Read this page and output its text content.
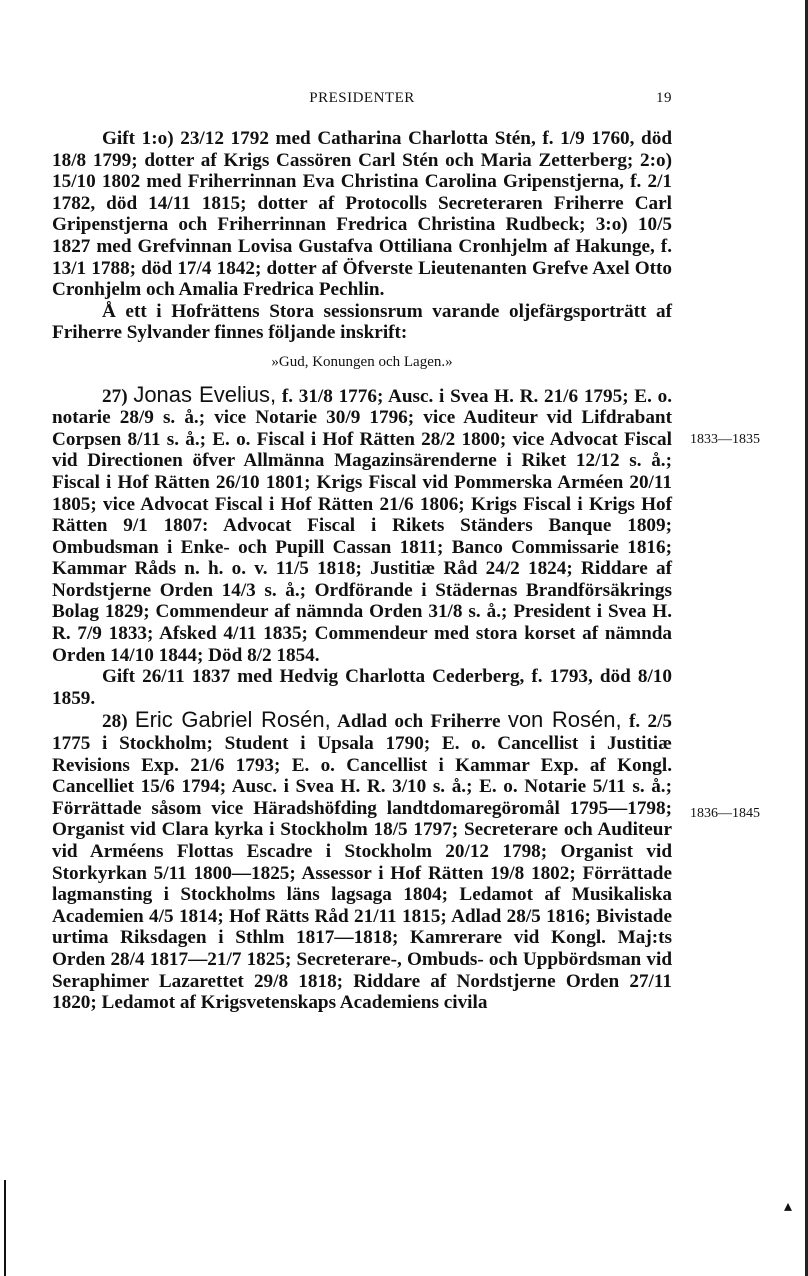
PRESIDENTER	19

Gift 1:o) 23/12 1792 med Catharina Charlotta Stén, f. 1/9 1760, död 18/8 1799; dotter af Krigs Cassören Carl Stén och Maria Zetterberg; 2:o) 15/10 1802 med Friherrinnan Eva Christina Carolina Gripenstjerna, f. 2/1 1782, död 14/11 1815; dotter af Protocolls Secreteraren Friherre Carl Gripenstjerna och Friherrinnan Fredrica Christina Rudbeck; 3:o) 10/5 1827 med Grefvinnan Lovisa Gustafva Ottiliana Cronhjelm af Hakunge, f. 13/1 1788; död 17/4 1842; dotter af Öfverste Lieutenanten Grefve Axel Otto Cronhjelm och Amalia Fredrica Pechlin.

Å ett i Hofrättens Stora sessionsrum varande oljefärgsporträtt af Friherre Sylvander finnes följande inskrift:

»Gud, Konungen och Lagen.»

27) Jonas Evelius, f. 31/8 1776; Ausc. i Svea H. R. 21/6 1795; E. o. notarie 28/9 s. å.; vice Notarie 30/9 1796; vice Auditeur vid Lifdrabant Corpsen 8/11 s. å.; E. o. Fiscal i Hof Rätten 28/2 1800; vice Advocat Fiscal vid Directionen öfver Allmänna Magazinsärenderne i Riket 12/12 s. å.; Fiscal i Hof Rätten 26/10 1801; Krigs Fiscal vid Pommerska Arméen 20/11 1805; vice Advocat Fiscal i Hof Rätten 21/6 1806; Krigs Fiscal i Krigs Hof Rätten 9/1 1807: Advocat Fiscal i Rikets Ständers Banque 1809; Ombudsman i Enke- och Pupill Cassan 1811; Banco Commissarie 1816; Kammar Råds n. h. o. v. 11/5 1818; Justitiæ Råd 24/2 1824; Riddare af Nordstjerne Orden 14/3 s. å.; Ordförande i Städernas Brandförsäkrings Bolag 1829; Commendeur af nämnda Orden 31/8 s. å.; President i Svea H. R. 7/9 1833; Afsked 4/11 1835; Commendeur med stora korset af nämnda Orden 14/10 1844; Död 8/2 1854.

Gift 26/11 1837 med Hedvig Charlotta Cederberg, f. 1793, död 8/10 1859.

28) Eric Gabriel Rosén, Adlad och Friherre von Rosén, f. 2/5 1775 i Stockholm; Student i Upsala 1790; E. o. Cancellist i Justitiæ Revisions Exp. 21/6 1793; E. o. Cancellist i Kammar Exp. af Kongl. Cancelliet 15/6 1794; Ausc. i Svea H. R. 3/10 s. å.; E. o. Notarie 5/11 s. å.; Förrättade såsom vice Häradshöfding landtdomaregöromål 1795—1798; Organist vid Clara kyrka i Stockholm 18/5 1797; Secreterare och Auditeur vid Arméens Flottas Escadre i Stockholm 20/12 1798; Organist vid Storkyrkan 5/11 1800—1825; Assessor i Hof Rätten 19/8 1802; Förrättade lagmansting i Stockholms läns lagsaga 1804; Ledamot af Musikaliska Academien 4/5 1814; Hof Rätts Råd 21/11 1815; Adlad 28/5 1816; Bivistade urtima Riksdagen i Sthlm 1817—1818; Kamrerare vid Kongl. Maj:ts Orden 28/4 1817—21/7 1825; Secreterare-, Ombuds- och Uppbördsman vid Seraphimer Lazarettet 29/8 1818; Riddare af Nordstjerne Orden 27/11 1820; Ledamot af Krigsvetenskaps Academiens civila

1833—1835
1836—1845
▴
